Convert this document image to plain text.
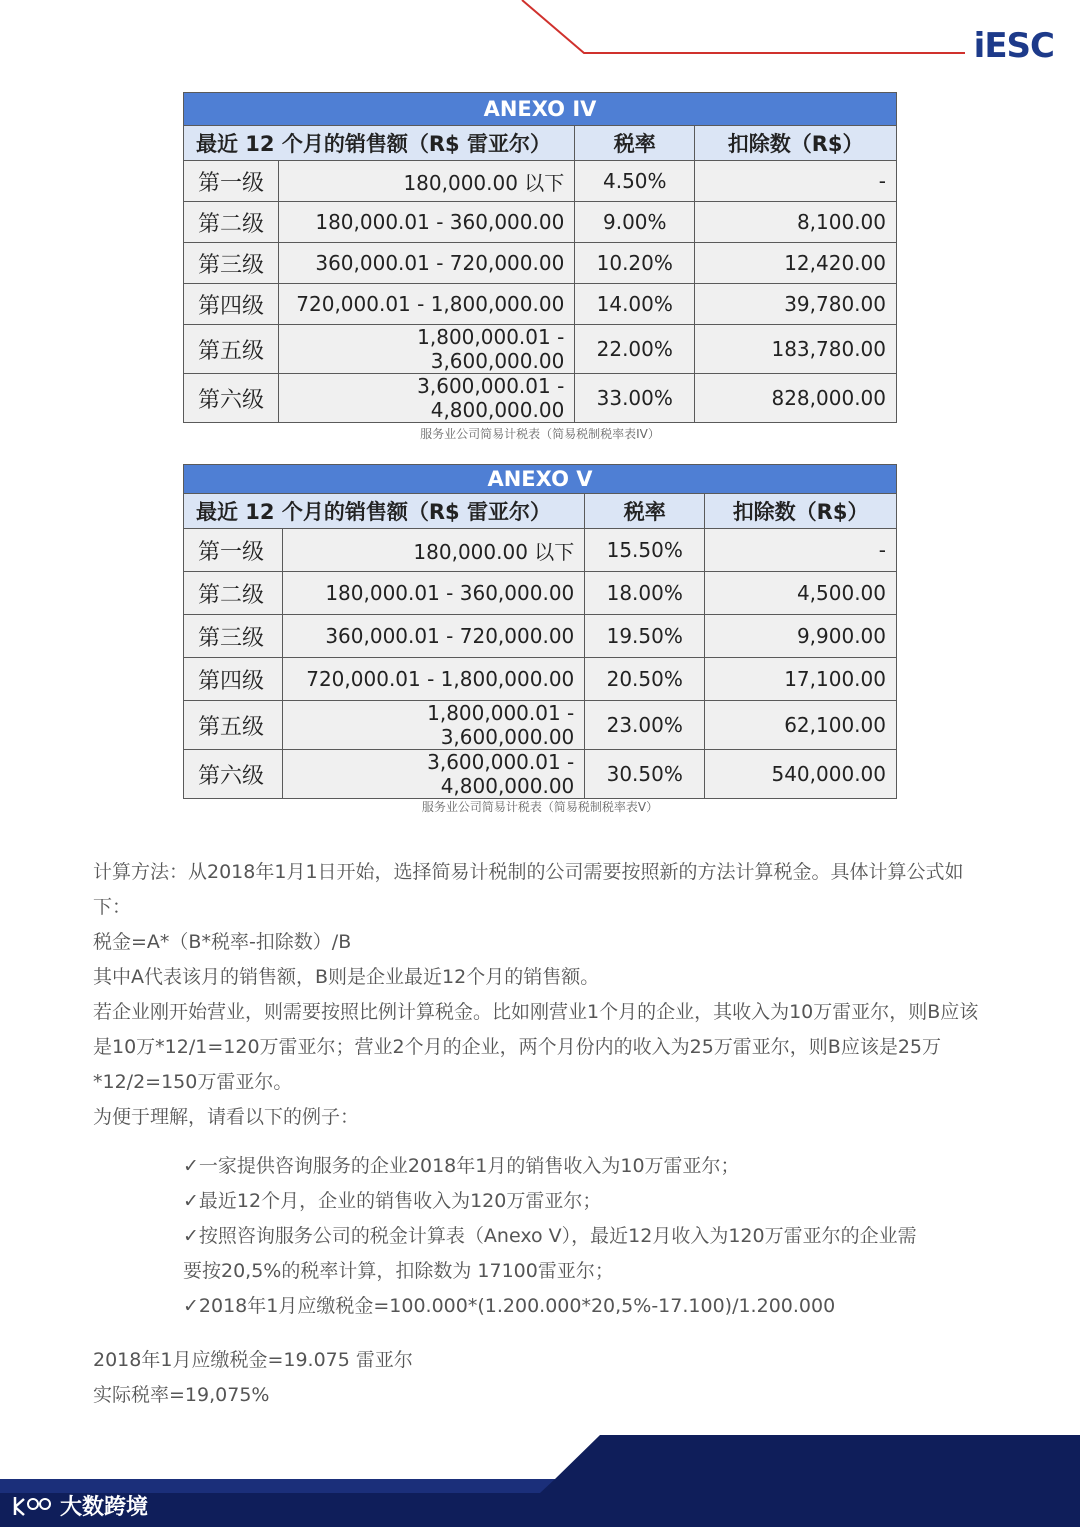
iESC
ANEXO IV			
最近 12 个月的销售额（R$ 雷亚尔）		税率	扣除数（R$）
第一级	180,000.00 以下	4.50%	-
第二级	180,000.01 - 360,000.00	9.00%	8,100.00
第三级	360,000.01 - 720,000.00	10.20%	12,420.00
第四级	720,000.01 - 1,800,000.00	14.00%	39,780.00
第五级	1,800,000.01 - 3,600,000.00	22.00%	183,780.00
第六级	3,600,000.01 - 4,800,000.00	33.00%	828,000.00
服务业公司简易计税表（简易税制税率表IV）
ANEXO V			
最近 12 个月的销售额（R$ 雷亚尔）		税率	扣除数（R$）
第一级	180,000.00 以下	15.50%	-
第二级	180,000.01 - 360,000.00	18.00%	4,500.00
第三级	360,000.01 - 720,000.00	19.50%	9,900.00
第四级	720,000.01 - 1,800,000.00	20.50%	17,100.00
第五级	1,800,000.01 - 3,600,000.00	23.00%	62,100.00
第六级	3,600,000.01 - 4,800,000.00	30.50%	540,000.00
服务业公司简易计税表（简易税制税率表V）

计算方法：从2018年1月1日开始，选择简易计税制的公司需要按照新的方法计算税金。具体计算公式如下：

税金=A*（B*税率-扣除数）/B

其中A代表该月的销售额，B则是企业最近12个月的销售额。

若企业刚开始营业，则需要按照比例计算税金。比如刚营业1个月的企业，其收入为10万雷亚尔，则B应该是10万*12/1=120万雷亚尔；营业2个月的企业，两个月份内的收入为25万雷亚尔，则B应该是25万*12/2=150万雷亚尔。

为便于理解，请看以下的例子：

✓一家提供咨询服务的企业2018年1月的销售收入为10万雷亚尔；

✓最近12个月，企业的销售收入为120万雷亚尔；

✓按照咨询服务公司的税金计算表（Anexo V），最近12月收入为120万雷亚尔的企业需要按20,5%的税率计算，扣除数为 17100雷亚尔；

✓2018年1月应缴税金=100.000*(1.200.000*20,5%-17.100)/1.200.000

2018年1月应缴税金=19.075 雷亚尔

实际税率=19,075%

大数跨境
